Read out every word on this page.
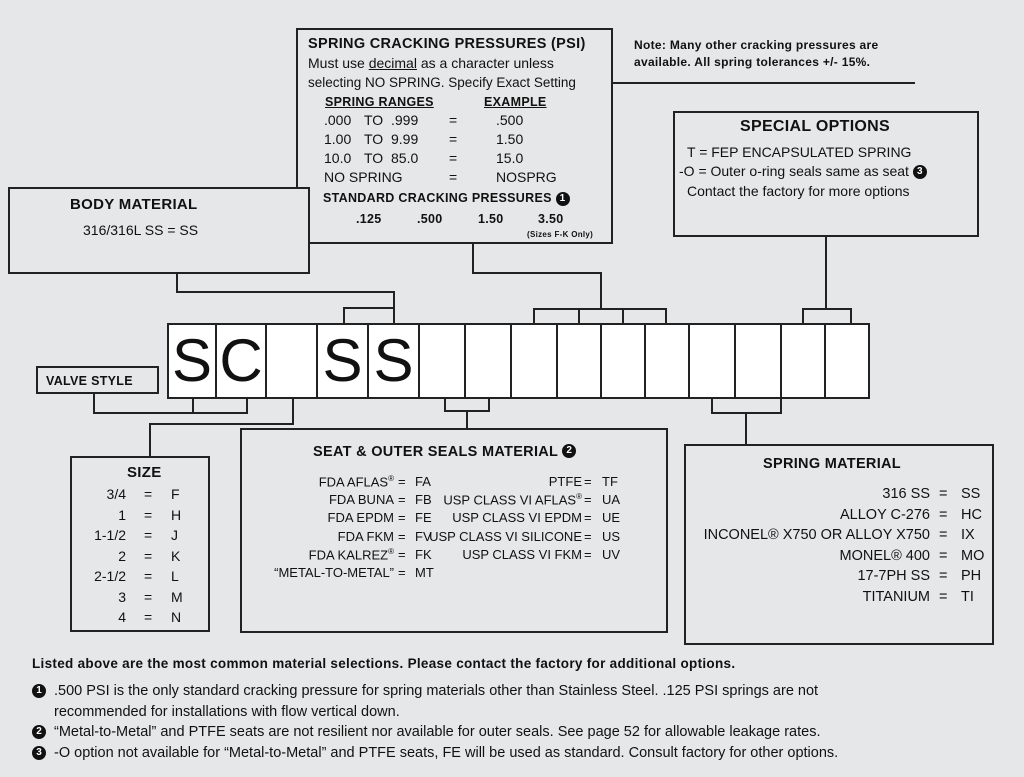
SPRING CRACKING PRESSURES (PSI)
Must use decimal as a character unless
selecting NO SPRING. Specify Exact Setting
SPRING RANGES	EXAMPLE
.000 TO .999 =	.500
1.00 TO 9.99 =	1.50
10.0 TO 85.0 =	15.0
NO SPRING	=	NOSPRG
STANDARD CRACKING PRESSURES 1
.125	.500	1.50	3.50
(Sizes F-K Only)
Note: Many other cracking pressures are
available. All spring tolerances +/- 15%.
BODY MATERIAL
316/316L SS = SS
SPECIAL OPTIONS
T = FEP ENCAPSULATED SPRING
-O = Outer o-ring seals same as seat 3
Contact the factory for more options
VALVE STYLE S C S S
SIZE
3/4 = F
1 = H
1-1/2 = J
2 = K
2-1/2 = L
3 = M
4 = N
SEAT & OUTER SEALS MATERIAL 2
FDA AFLAS® = FA
FDA BUNA = FB
FDA EPDM = FE
FDA FKM = FV
FDA KALREZ® = FK
“METAL-TO-METAL” = MT
PTFE = TF
USP CLASS VI AFLAS® = UA
USP CLASS VI EPDM = UE
USP CLASS VI SILICONE = US
USP CLASS VI FKM = UV
SPRING MATERIAL
316 SS = SS
ALLOY C-276 = HC
INCONEL® X750 OR ALLOY X750 = IX
MONEL® 400 = MO
17-7PH SS = PH
TITANIUM = TI
Listed above are the most common material selections. Please contact the factory for additional options.
1 .500 PSI is the only standard cracking pressure for spring materials other than Stainless Steel. .125 PSI springs are not
recommended for installations with flow vertical down.
2 “Metal-to-Metal” and PTFE seats are not resilient nor available for outer seals. See page 52 for allowable leakage rates.
3 -O option not available for “Metal-to-Metal” and PTFE seats, FE will be used as standard. Consult factory for other options.
